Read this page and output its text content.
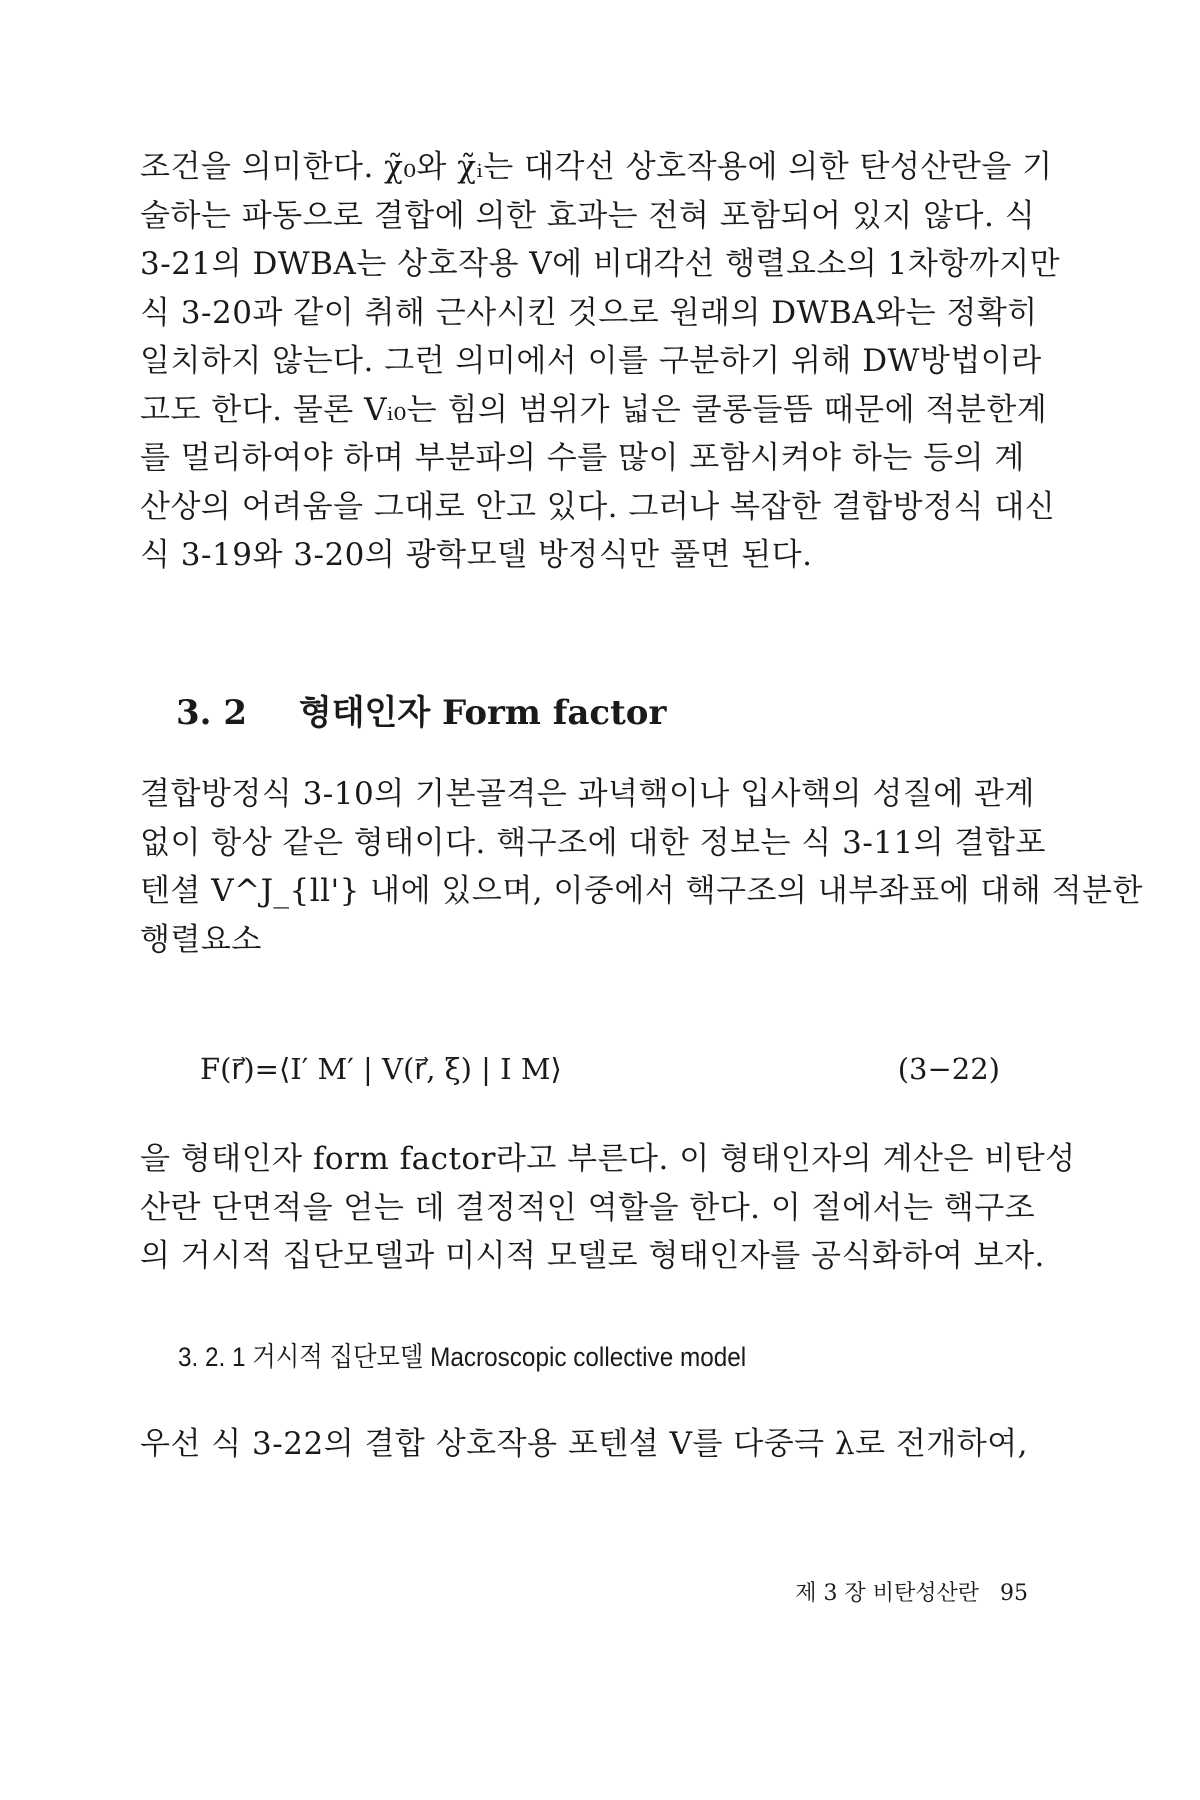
조건을 의미한다. χ̃₀와 χ̃ᵢ는 대각선 상호작용에 의한 탄성산란을 기
술하는 파동으로 결합에 의한 효과는 전혀 포함되어 있지 않다. 식
3-21의 DWBA는 상호작용 V에 비대각선 행렬요소의 1차항까지만
식 3-20과 같이 취해 근사시킨 것으로 원래의 DWBA와는 정확히
일치하지 않는다. 그런 의미에서 이를 구분하기 위해 DW방법이라
고도 한다. 물론 Vᵢ₀는 힘의 범위가 넓은 쿨롱들뜸 때문에 적분한계
를 멀리하여야 하며 부분파의 수를 많이 포함시켜야 하는 등의 계
산상의 어려움을 그대로 안고 있다. 그러나 복잡한 결합방정식 대신
식 3-19와 3-20의 광학모델 방정식만 풀면 된다.
3. 2 형태인자 Form factor
결합방정식 3-10의 기본골격은 과녁핵이나 입사핵의 성질에 관계
없이 항상 같은 형태이다. 핵구조에 대한 정보는 식 3-11의 결합포
텐셜 V^J_{ll'} 내에 있으며, 이중에서 핵구조의 내부좌표에 대해 적분한
행렬요소
F(r⃗)=⟨I′ M′ | V(r⃗, ξ) | I M⟩	(3−22)
을 형태인자 form factor라고 부른다. 이 형태인자의 계산은 비탄성
산란 단면적을 얻는 데 결정적인 역할을 한다. 이 절에서는 핵구조
의 거시적 집단모델과 미시적 모델로 형태인자를 공식화하여 보자.
3. 2. 1 거시적 집단모델 Macroscopic collective model
우선 식 3-22의 결합 상호작용 포텐셜 V를 다중극 λ로 전개하여,
제 3 장 비탄성산란 95
